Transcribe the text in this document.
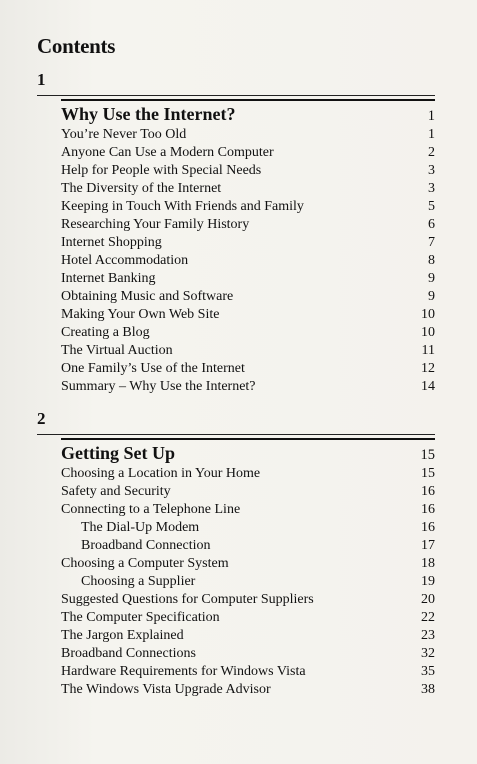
Contents
1
Why Use the Internet?	1
You’re Never Too Old	1
Anyone Can Use a Modern Computer	2
Help for People with Special Needs	3
The Diversity of the Internet	3
Keeping in Touch With Friends and Family	5
Researching Your Family History	6
Internet Shopping	7
Hotel Accommodation	8
Internet Banking	9
Obtaining Music and Software	9
Making Your Own Web Site	10
Creating a Blog	10
The Virtual Auction	11
One Family’s Use of the Internet	12
Summary – Why Use the Internet?	14
2
Getting Set Up	15
Choosing a Location in Your Home	15
Safety and Security	16
Connecting to a Telephone Line	16
The Dial-Up Modem	16
Broadband Connection	17
Choosing a Computer System	18
Choosing a Supplier	19
Suggested Questions for Computer Suppliers	20
The Computer Specification	22
The Jargon Explained	23
Broadband Connections	32
Hardware Requirements for Windows Vista	35
The Windows Vista Upgrade Advisor	38
